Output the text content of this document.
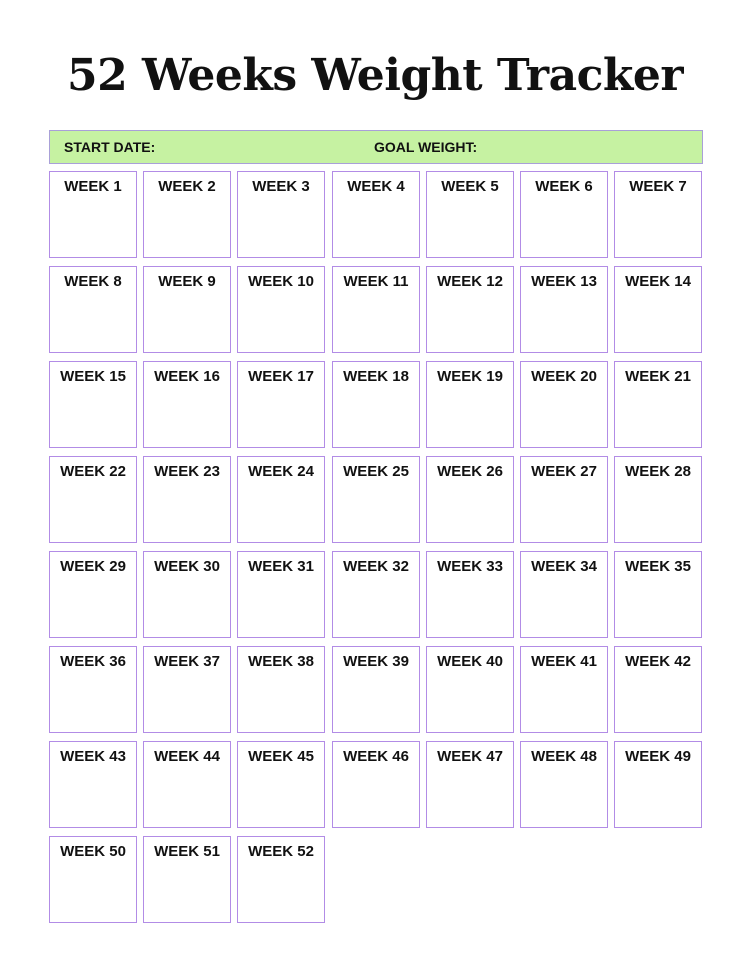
52 Weeks Weight Tracker
START DATE:	GOAL WEIGHT:
WEEK 1	WEEK 2	WEEK 3	WEEK 4	WEEK 5	WEEK 6	WEEK 7
WEEK 8	WEEK 9	WEEK 10	WEEK 11	WEEK 12	WEEK 13	WEEK 14
WEEK 15	WEEK 16	WEEK 17	WEEK 18	WEEK 19	WEEK 20	WEEK 21
WEEK 22	WEEK 23	WEEK 24	WEEK 25	WEEK 26	WEEK 27	WEEK 28
WEEK 29	WEEK 30	WEEK 31	WEEK 32	WEEK 33	WEEK 34	WEEK 35
WEEK 36	WEEK 37	WEEK 38	WEEK 39	WEEK 40	WEEK 41	WEEK 42
WEEK 43	WEEK 44	WEEK 45	WEEK 46	WEEK 47	WEEK 48	WEEK 49
WEEK 50	WEEK 51	WEEK 52
